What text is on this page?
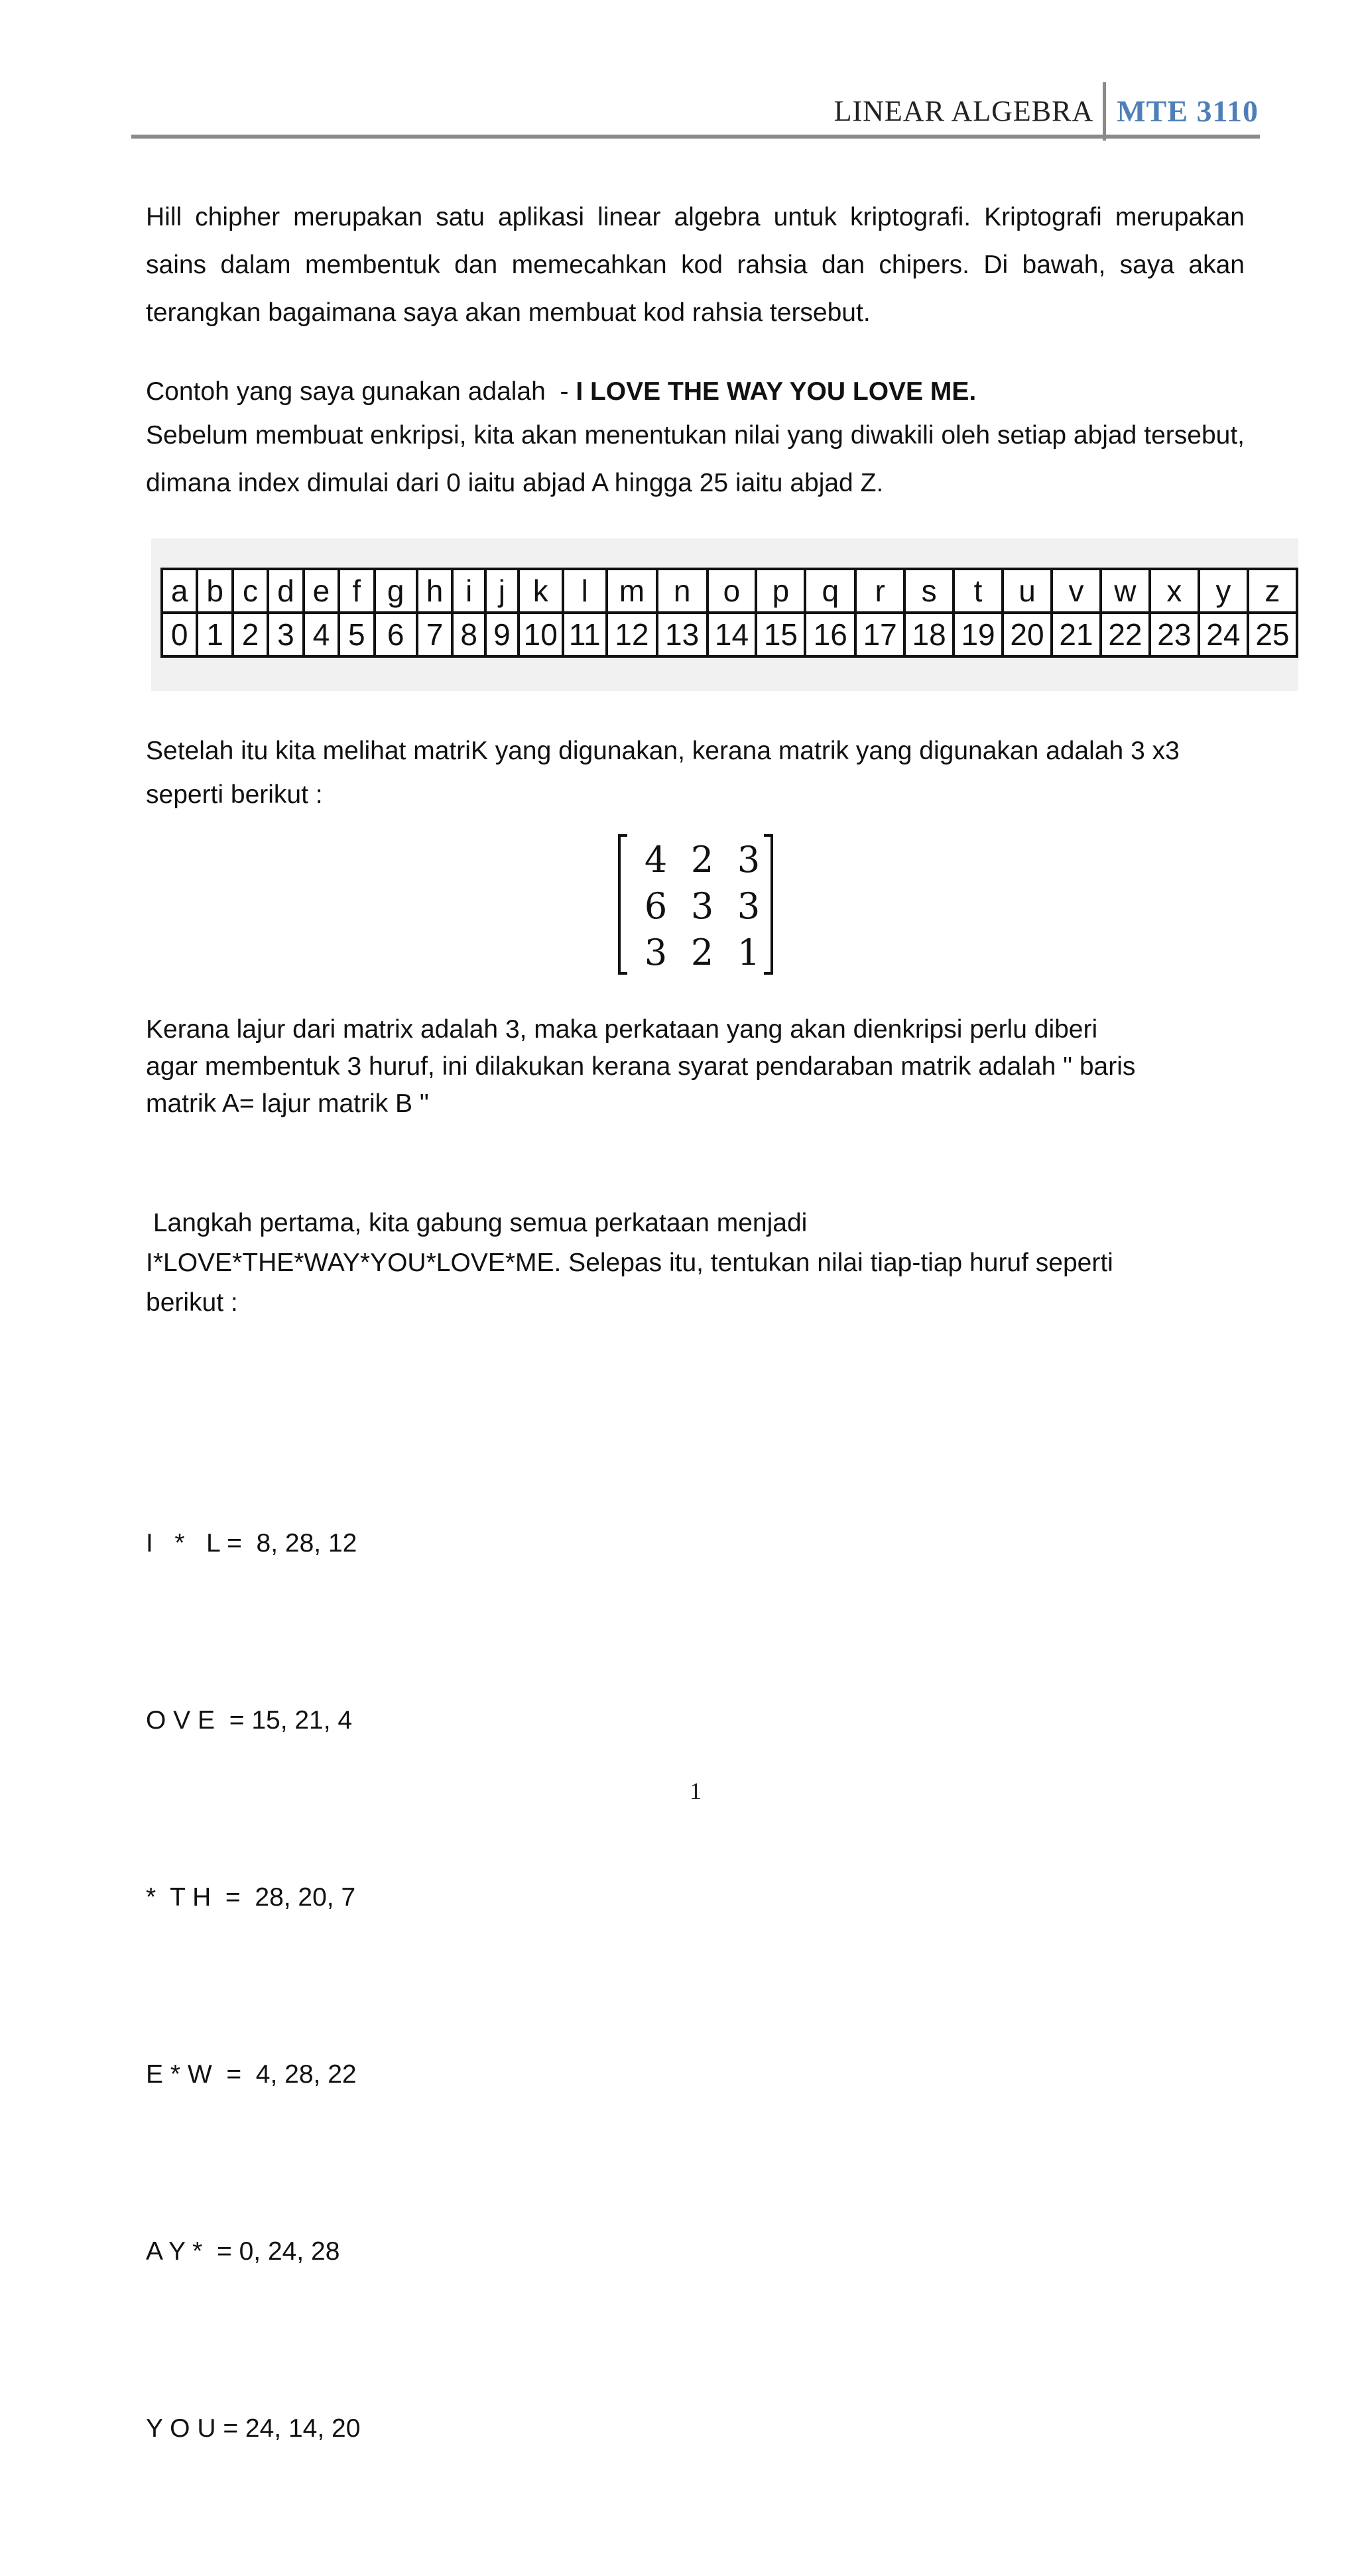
LINEAR ALGEBRA MTE 3110
Hill chipher merupakan satu aplikasi linear algebra untuk kriptografi. Kriptografi merupakan sains dalam membentuk dan memecahkan kod rahsia dan chipers. Di bawah, saya akan terangkan bagaimana saya akan membuat kod rahsia tersebut.
Contoh yang saya gunakan adalah  - I LOVE THE WAY YOU LOVE ME.
Sebelum membuat enkripsi, kita akan menentukan nilai yang diwakili oleh setiap abjad tersebut, dimana index dimulai dari 0 iaitu abjad A hingga 25 iaitu abjad Z.
a	b	c	d	e	f	g	h	i	j	k	l	m	n	o	p	q	r	s	t	u	v	w	x	y	z
0	1	2	3	4	5	6	7	8	9	10	11	12	13	14	15	16	17	18	19	20	21	22	23	24	25
Setelah itu kita melihat matriK yang digunakan, kerana matrik yang digunakan adalah 3 x3
seperti berikut :
4 2 3
6 3 3
3 2 1
Kerana lajur dari matrix adalah 3, maka perkataan yang akan dienkripsi perlu diberi
agar membentuk 3 huruf, ini dilakukan kerana syarat pendaraban matrik adalah " baris
matrik A= lajur matrik B "
Langkah pertama, kita gabung semua perkataan menjadi
I*LOVE*THE*WAY*YOU*LOVE*ME. Selepas itu, tentukan nilai tiap-tiap huruf seperti
berikut :

I   *   L =  8, 28, 12

O V E  = 15, 21, 4

*  T H  =  28, 20, 7

E * W  =  4, 28, 22

A Y *  = 0, 24, 28

Y O U = 24, 14, 20

1
